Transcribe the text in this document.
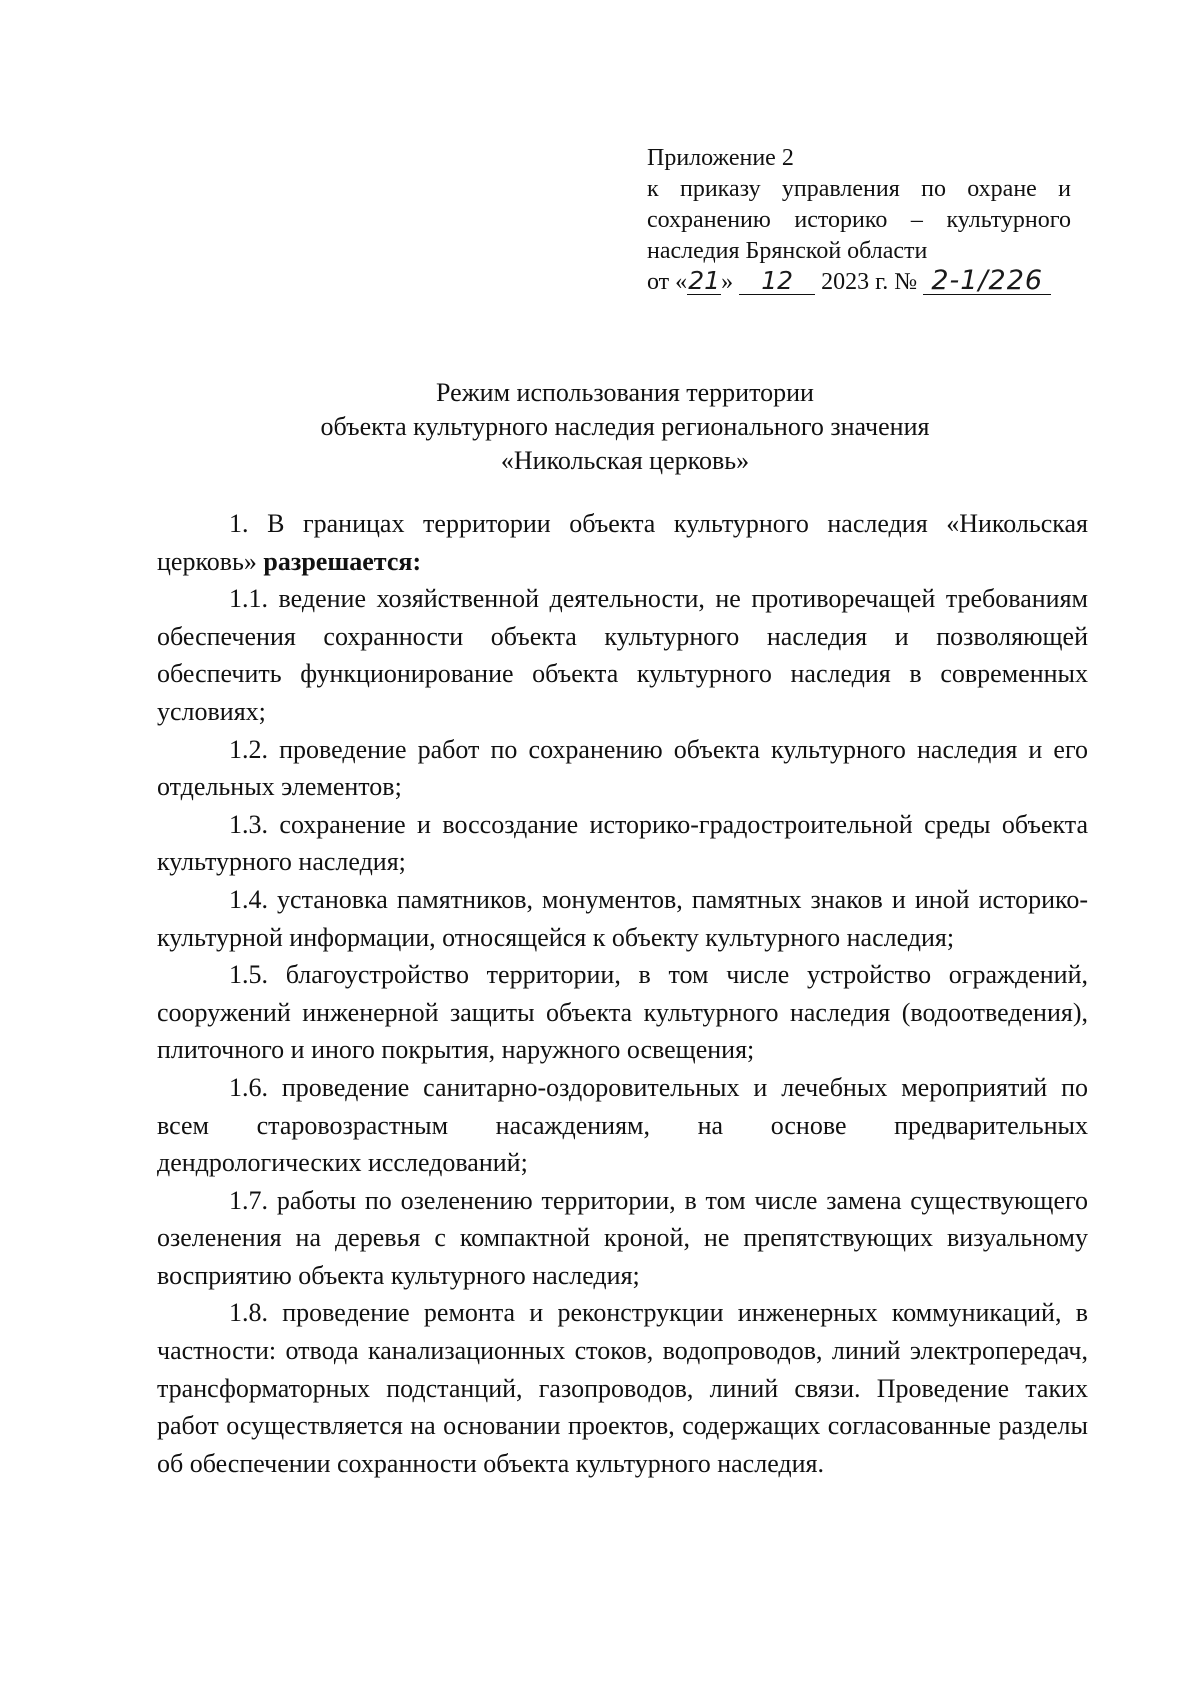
Приложение 2
к приказу управления по охране и
сохранению историко – культурного
наследия Брянской области
от «21» 12 2023 г. № 2-1/226
Режим использования территории
объекта культурного наследия регионального значения
«Никольская церковь»

1. В границах территории объекта культурного наследия «Никольская церковь» разрешается:

1.1. ведение хозяйственной деятельности, не противоречащей требованиям обеспечения сохранности объекта культурного наследия и позволяющей обеспечить функционирование объекта культурного наследия в современных условиях;

1.2. проведение работ по сохранению объекта культурного наследия и его отдельных элементов;

1.3. сохранение и воссоздание историко-градостроительной среды объекта культурного наследия;

1.4. установка памятников, монументов, памятных знаков и иной историко-культурной информации, относящейся к объекту культурного наследия;

1.5. благоустройство территории, в том числе устройство ограждений, сооружений инженерной защиты объекта культурного наследия (водоотведения), плиточного и иного покрытия, наружного освещения;

1.6. проведение санитарно-оздоровительных и лечебных мероприятий по всем старовозрастным насаждениям, на основе предварительных дендрологических исследований;

1.7. работы по озеленению территории, в том числе замена существующего озеленения на деревья с компактной кроной, не препятствующих визуальному восприятию объекта культурного наследия;

1.8. проведение ремонта и реконструкции инженерных коммуникаций, в частности: отвода канализационных стоков, водопроводов, линий электропередач, трансформаторных подстанций, газопроводов, линий связи. Проведение таких работ осуществляется на основании проектов, содержащих согласованные разделы об обеспечении сохранности объекта культурного наследия.
